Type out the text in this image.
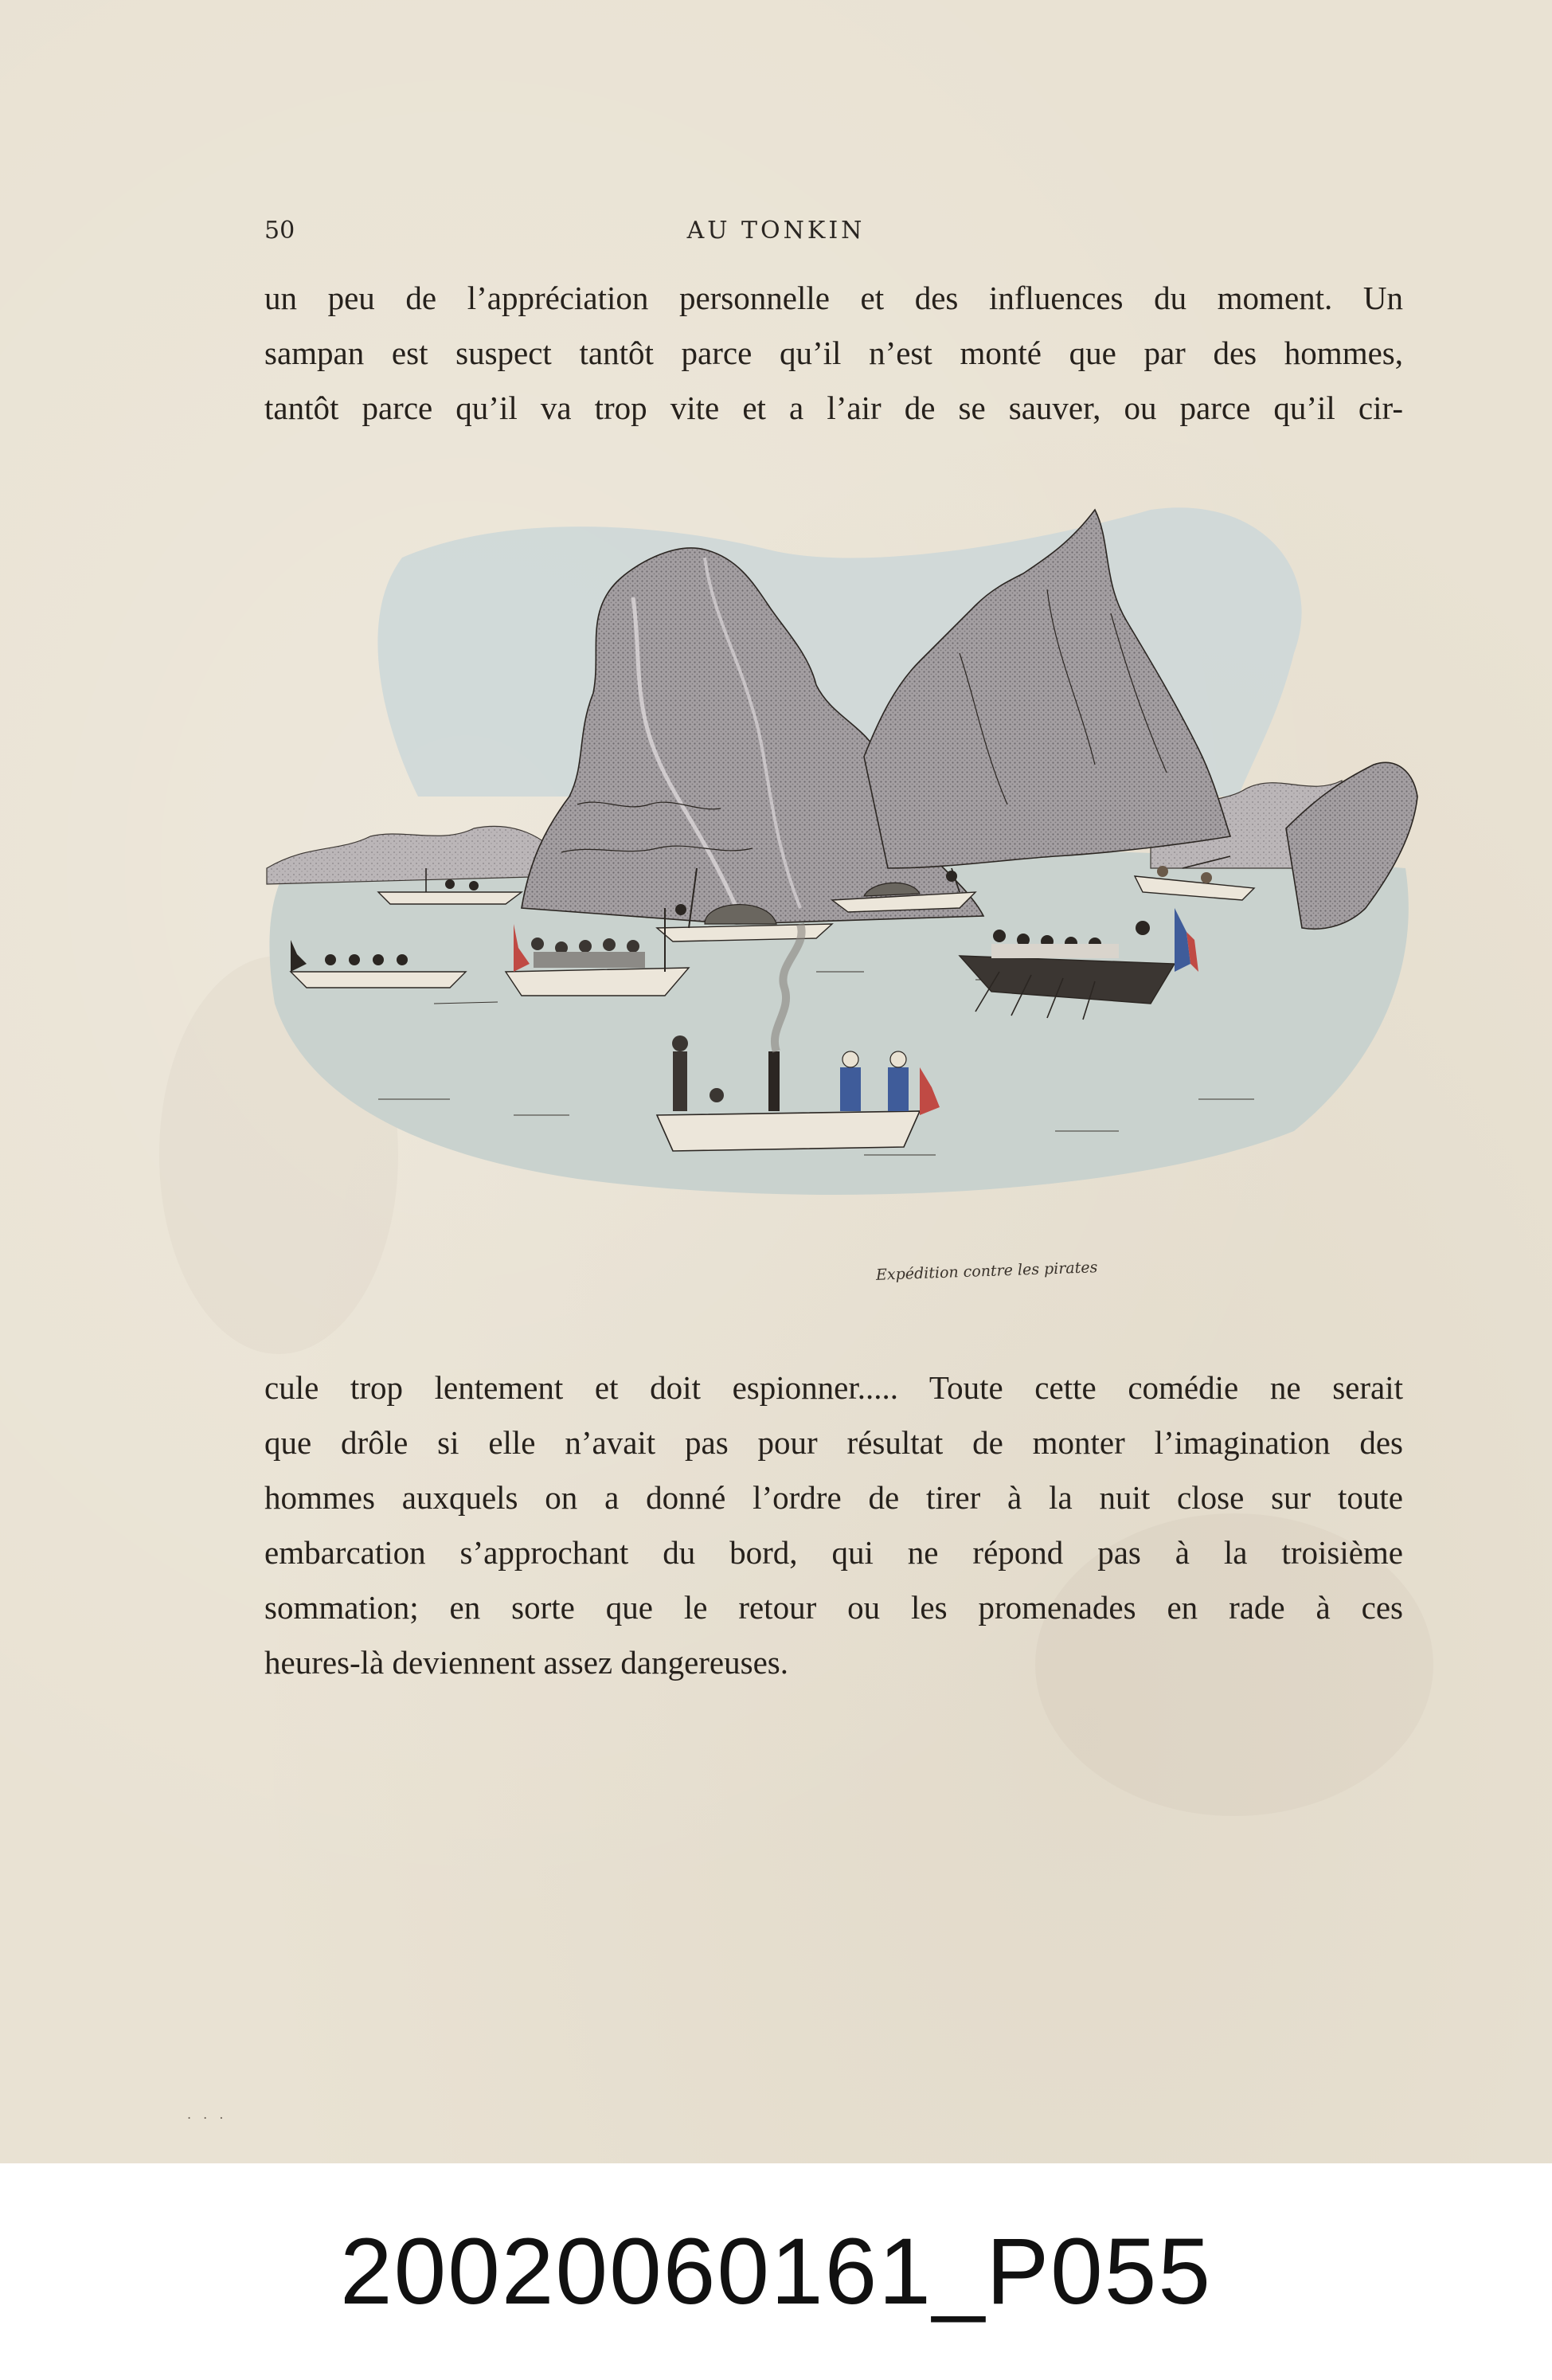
50	AU TONKIN

un peu de l’appréciation personnelle et des influences du moment. Un

sampan est suspect tantôt parce qu’il n’est monté que par des hommes,

tantôt parce qu’il va trop vite et a l’air de se sauver, ou parce qu’il cir-

Expédition contre les pirates

cule trop lentement et doit espionner..... Toute cette comédie ne serait

que drôle si elle n’avait pas pour résultat de monter l’imagination des

hommes auxquels on a donné l’ordre de tirer à la nuit close sur toute

embarcation s’approchant du bord, qui ne répond pas à la troisième

sommation; en sorte que le retour ou les promenades en rade à ces

heures-là deviennent assez dangereuses.

. . .
20020060161_P055
